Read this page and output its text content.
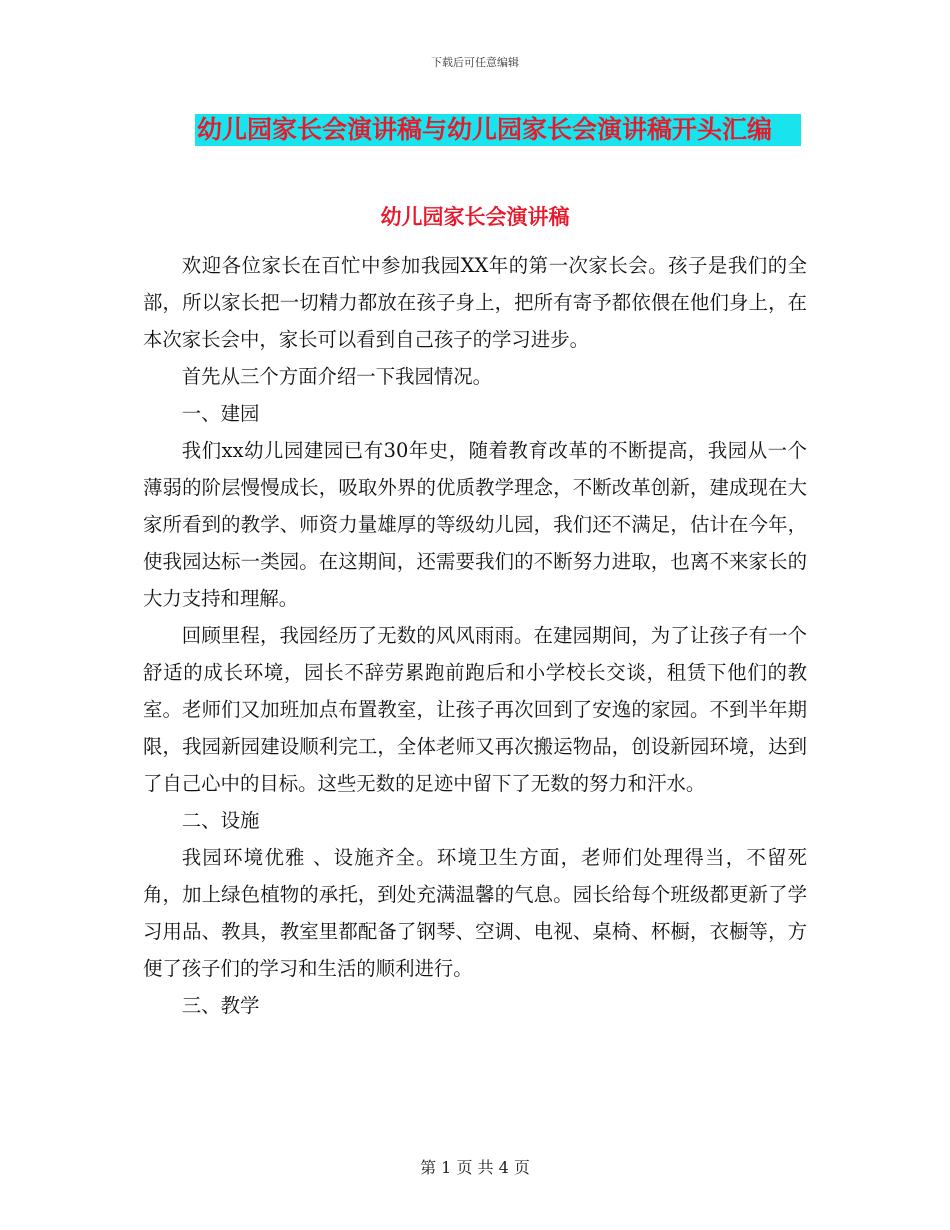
下载后可任意编辑
幼儿园家长会演讲稿与幼儿园家长会演讲稿开头汇编
幼儿园家长会演讲稿

欢迎各位家长在百忙中参加我园XX年的第一次家长会。孩子是我们的全部，所以家长把一切精力都放在孩子身上，把所有寄予都依偎在他们身上，在本次家长会中，家长可以看到自己孩子的学习进步。

首先从三个方面介绍一下我园情况。

一、建园

我们xx幼儿园建园已有30年史，随着教育改革的不断提高，我园从一个薄弱的阶层慢慢成长，吸取外界的优质教学理念，不断改革创新，建成现在大家所看到的教学、师资力量雄厚的等级幼儿园，我们还不满足，估计在今年，使我园达标一类园。在这期间，还需要我们的不断努力进取，也离不来家长的大力支持和理解。

回顾里程，我园经历了无数的风风雨雨。在建园期间，为了让孩子有一个舒适的成长环境，园长不辞劳累跑前跑后和小学校长交谈，租赁下他们的教室。老师们又加班加点布置教室，让孩子再次回到了安逸的家园。不到半年期限，我园新园建设顺利完工，全体老师又再次搬运物品，创设新园环境，达到了自己心中的目标。这些无数的足迹中留下了无数的努力和汗水。

二、设施

我园环境优雅 、设施齐全。环境卫生方面，老师们处理得当，不留死角，加上绿色植物的承托，到处充满温馨的气息。园长给每个班级都更新了学习用品、教具，教室里都配备了钢琴、空调、电视、桌椅、杯橱，衣橱等，方便了孩子们的学习和生活的顺利进行。

三、教学

第 1 页 共 4 页
